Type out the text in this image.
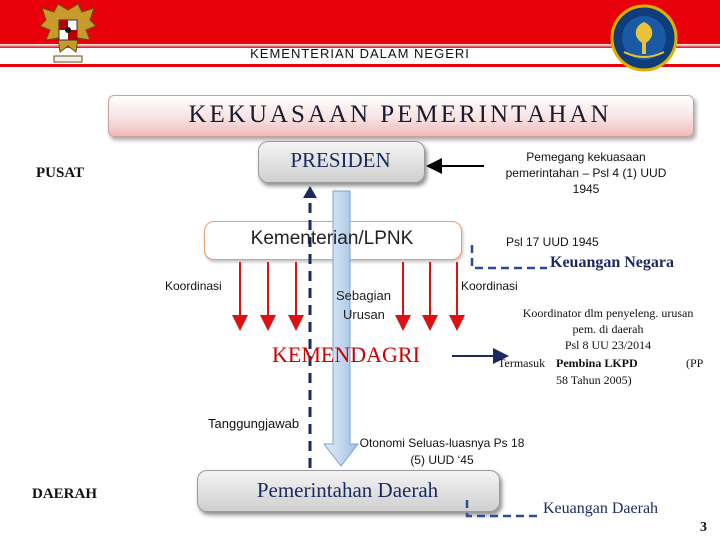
KEMENTERIAN DALAM NEGERI
KEKUASAAN PEMERINTAHAN
PUSAT
DAERAH
PRESIDEN
Kementerian/LPNK
KEMENDAGRI
Pemerintahan Daerah
Pemegang kekuasaan
pemerintahan – Psl 4 (1) UUD
1945
Psl 17 UUD 1945
Keuangan Negara
Koordinasi
Sebagian
Urusan
Koordinasi
Koordinator dlm penyeleng. urusan
pem. di daerah
Psl 8 UU 23/2014
Termasuk Pembina LKPD	(PP
58 Tahun 2005)
Tanggungjawab
Otonomi Seluas-luasnya Ps 18
(5) UUD ‘45
Keuangan Daerah
3
